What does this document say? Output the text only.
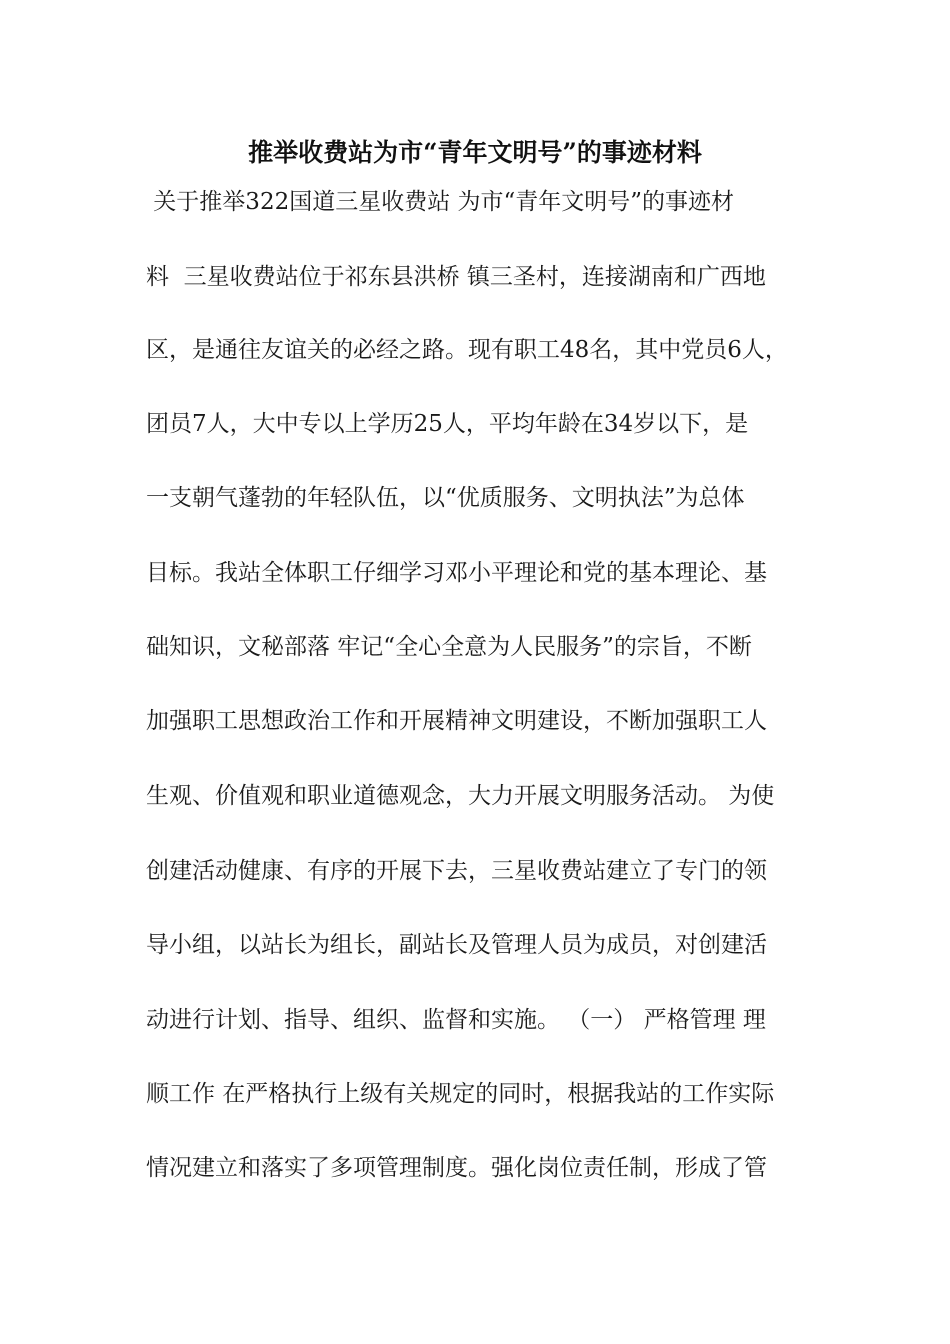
推举收费站为市“青年文明号”的事迹材料
关于推举322国道三星收费站 为市“青年文明号”的事迹材
料  三星收费站位于祁东县洪桥 镇三圣村，连接湖南和广西地
区，是通往友谊关的必经之路。现有职工48名，其中党员6人，
团员7人，大中专以上学历25人，平均年龄在34岁以下，是
一支朝气蓬勃的年轻队伍，以“优质服务、文明执法”为总体
目标。我站全体职工仔细学习邓小平理论和党的基本理论、基
础知识，文秘部落 牢记“全心全意为人民服务”的宗旨，不断
加强职工思想政治工作和开展精神文明建设，不断加强职工人
生观、价值观和职业道德观念，大力开展文明服务活动。 为使
创建活动健康、有序的开展下去，三星收费站建立了专门的领
导小组，以站长为组长，副站长及管理人员为成员，对创建活
动进行计划、指导、组织、监督和实施。 （一） 严格管理 理
顺工作 在严格执行上级有关规定的同时，根据我站的工作实际
情况建立和落实了多项管理制度。强化岗位责任制，形成了管
